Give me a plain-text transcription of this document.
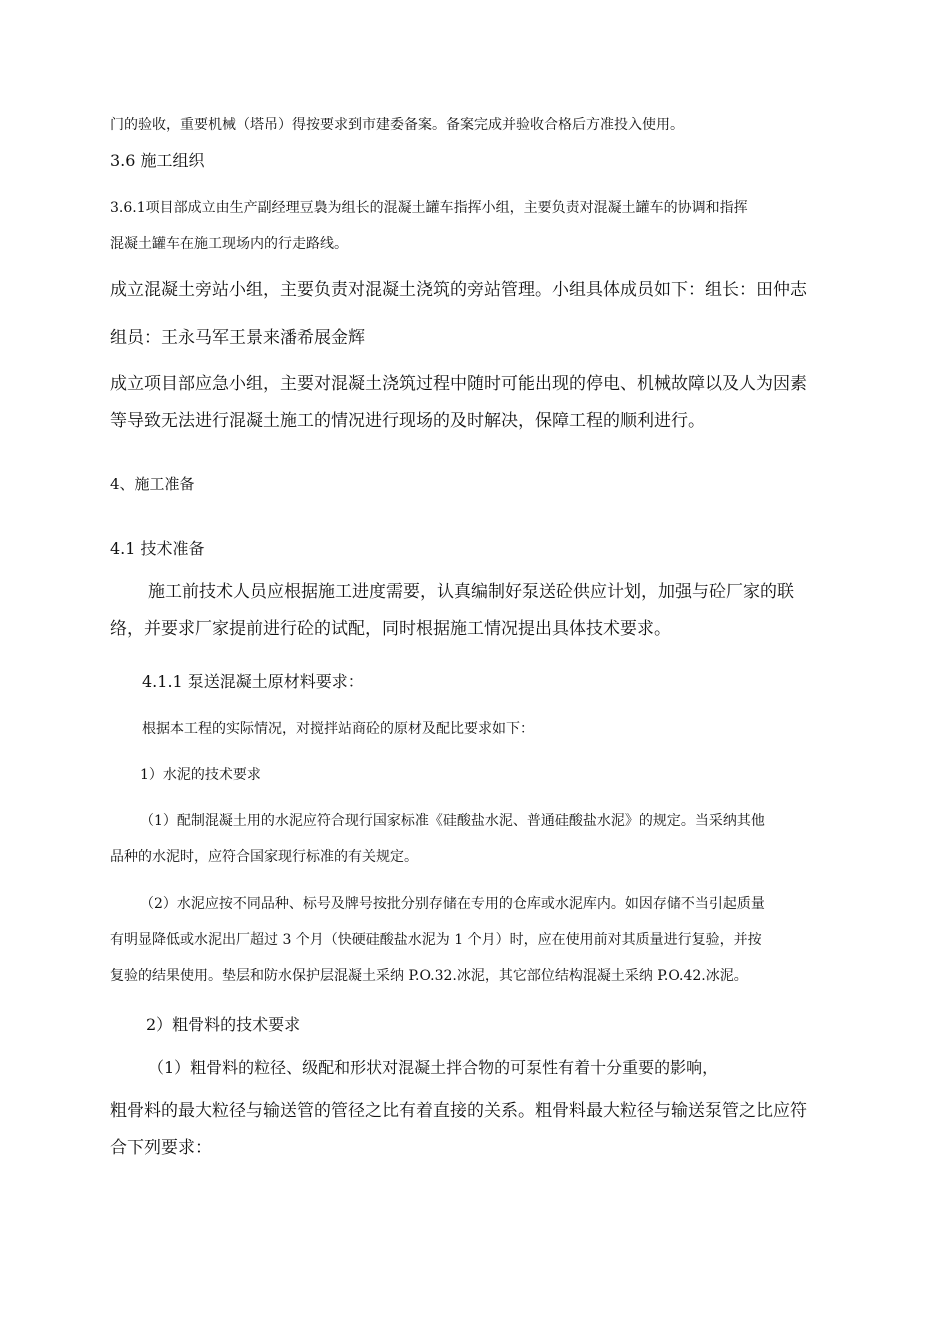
门的验收，重要机械（塔吊）得按要求到市建委备案。备案完成并验收合格后方准投入使用。
3.6 施工组织
3.6.1项目部成立由生产副经理豆裊为组长的混凝土罐车指挥小组，主要负责对混凝土罐车的协调和指挥
混凝土罐车在施工现场内的行走路线。
成立混凝土旁站小组，主要负责对混凝土浇筑的旁站管理。小组具体成员如下：组长：田仲志
组员：王永马军王景来潘希展金辉
成立项目部应急小组，主要对混凝土浇筑过程中随时可能出现的停电、机械故障以及人为因素
等导致无法进行混凝土施工的情况进行现场的及时解决，保障工程的顺利进行。
4、施工准备
4.1 技术准备
施工前技术人员应根据施工进度需要，认真编制好泵送砼供应计划，加强与砼厂家的联
络，并要求厂家提前进行砼的试配，同时根据施工情况提出具体技术要求。
4.1.1 泵送混凝土原材料要求：
根据本工程的实际情况，对搅拌站商砼的原材及配比要求如下：
1）水泥的技术要求
（1）配制混凝土用的水泥应符合现行国家标准《硅酸盐水泥、普通硅酸盐水泥》的规定。当采纳其他
品种的水泥时，应符合国家现行标准的有关规定。
（2）水泥应按不同品种、标号及牌号按批分别存储在专用的仓库或水泥库内。如因存储不当引起质量
有明显降低或水泥出厂超过 3 个月（快硬硅酸盐水泥为 1 个月）时，应在使用前对其质量进行复验，并按
复验的结果使用。垫层和防水保护层混凝土采纳 P.O.32.冰泥，其它部位结构混凝土采纳 P.O.42.冰泥。
2）粗骨料的技术要求
（1）粗骨料的粒径、级配和形状对混凝土拌合物的可泵性有着十分重要的影响，
粗骨料的最大粒径与输送管的管径之比有着直接的关系。粗骨料最大粒径与输送泵管之比应符
合下列要求：
